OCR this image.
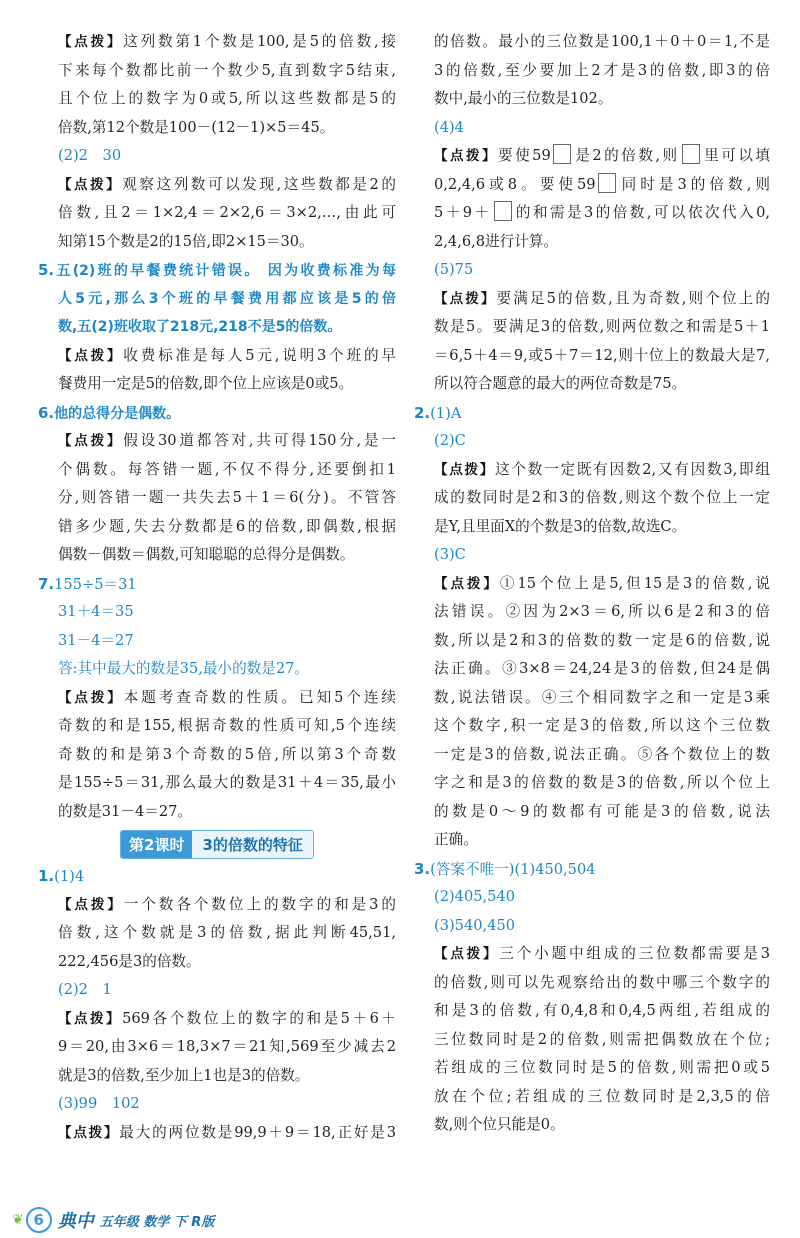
【点拨】这列数第1个数是100,是5的倍数,接
下来每个数都比前一个数少5,直到数字5结束,
且个位上的数字为0或5,所以这些数都是5的
倍数,第12个数是100－(12－1)×5＝45。
(2)2　30
【点拨】观察这列数可以发现,这些数都是2的
倍数,且2＝1×2,4＝2×2,6＝3×2,…,由此可
知第15个数是2的15倍,即2×15＝30。
5.五(2)班的早餐费统计错误。 因为收费标准为每
人5元,那么3个班的早餐费用都应该是5的倍
数,五(2)班收取了218元,218不是5的倍数。
【点拨】收费标准是每人5元,说明3个班的早
餐费用一定是5的倍数,即个位上应该是0或5。
6.他的总得分是偶数。
【点拨】假设30道都答对,共可得150分,是一
个偶数。每答错一题,不仅不得分,还要倒扣1
分,则答错一题一共失去5＋1＝6(分)。不管答
错多少题,失去分数都是6的倍数,即偶数,根据
偶数－偶数＝偶数,可知聪聪的总得分是偶数。
7.155÷5＝31
31＋4＝35
31－4＝27
答:其中最大的数是35,最小的数是27。
【点拨】本题考查奇数的性质。已知5个连续
奇数的和是155,根据奇数的性质可知,5个连续
奇数的和是第3个奇数的5倍,所以第3个奇数
是155÷5＝31,那么最大的数是31＋4＝35,最小
的数是31－4＝27。
第2课时	3的倍数的特征
1.(1)4
【点拨】一个数各个数位上的数字的和是3的
倍数,这个数就是3的倍数,据此判断45,51,
222,456是3的倍数。
(2)2　1
【点拨】569各个数位上的数字的和是5＋6＋
9＝20,由3×6＝18,3×7＝21知,569至少减去2
就是3的倍数,至少加上1也是3的倍数。
(3)99　102
【点拨】最大的两位数是99,9＋9＝18,正好是3
的倍数。最小的三位数是100,1＋0＋0＝1,不是
3的倍数,至少要加上2才是3的倍数,即3的倍
数中,最小的三位数是102。
(4)4
【点拨】要使59 是2的倍数,则 里可以填
0,2,4,6或8。要使59 同时是3的倍数,则
5＋9＋ 的和需是3的倍数,可以依次代入0,
2,4,6,8进行计算。
(5)75
【点拨】要满足5的倍数,且为奇数,则个位上的
数是5。要满足3的倍数,则两位数之和需是5＋1
＝6,5＋4＝9,或5＋7＝12,则十位上的数最大是7,
所以符合题意的最大的两位奇数是75。
2.(1)A
(2)C
【点拨】这个数一定既有因数2,又有因数3,即组
成的数同时是2和3的倍数,则这个数个位上一定
是Y,且里面X的个数是3的倍数,故选C。
(3)C
【点拨】①15个位上是5,但15是3的倍数,说
法错误。②因为2×3＝6,所以6是2和3的倍
数,所以是2和3的倍数的数一定是6的倍数,说
法正确。③3×8＝24,24是3的倍数,但24是偶
数,说法错误。④三个相同数字之和一定是3乘
这个数字,积一定是3的倍数,所以这个三位数
一定是3的倍数,说法正确。⑤各个数位上的数
字之和是3的倍数的数是3的倍数,所以个位上
的数是0～9的数都有可能是3的倍数,说法
正确。
3.(答案不唯一)(1)450,504
(2)405,540
(3)540,450
【点拨】三个小题中组成的三位数都需要是3
的倍数,则可以先观察给出的数中哪三个数字的
和是3的倍数,有0,4,8和0,4,5两组,若组成的
三位数同时是2的倍数,则需把偶数放在个位;
若组成的三位数同时是5的倍数,则需把0或5
放在个位;若组成的三位数同时是2,3,5的倍
数,则个位只能是0。
❦ 6 典中 五年级 数学 下 R版
